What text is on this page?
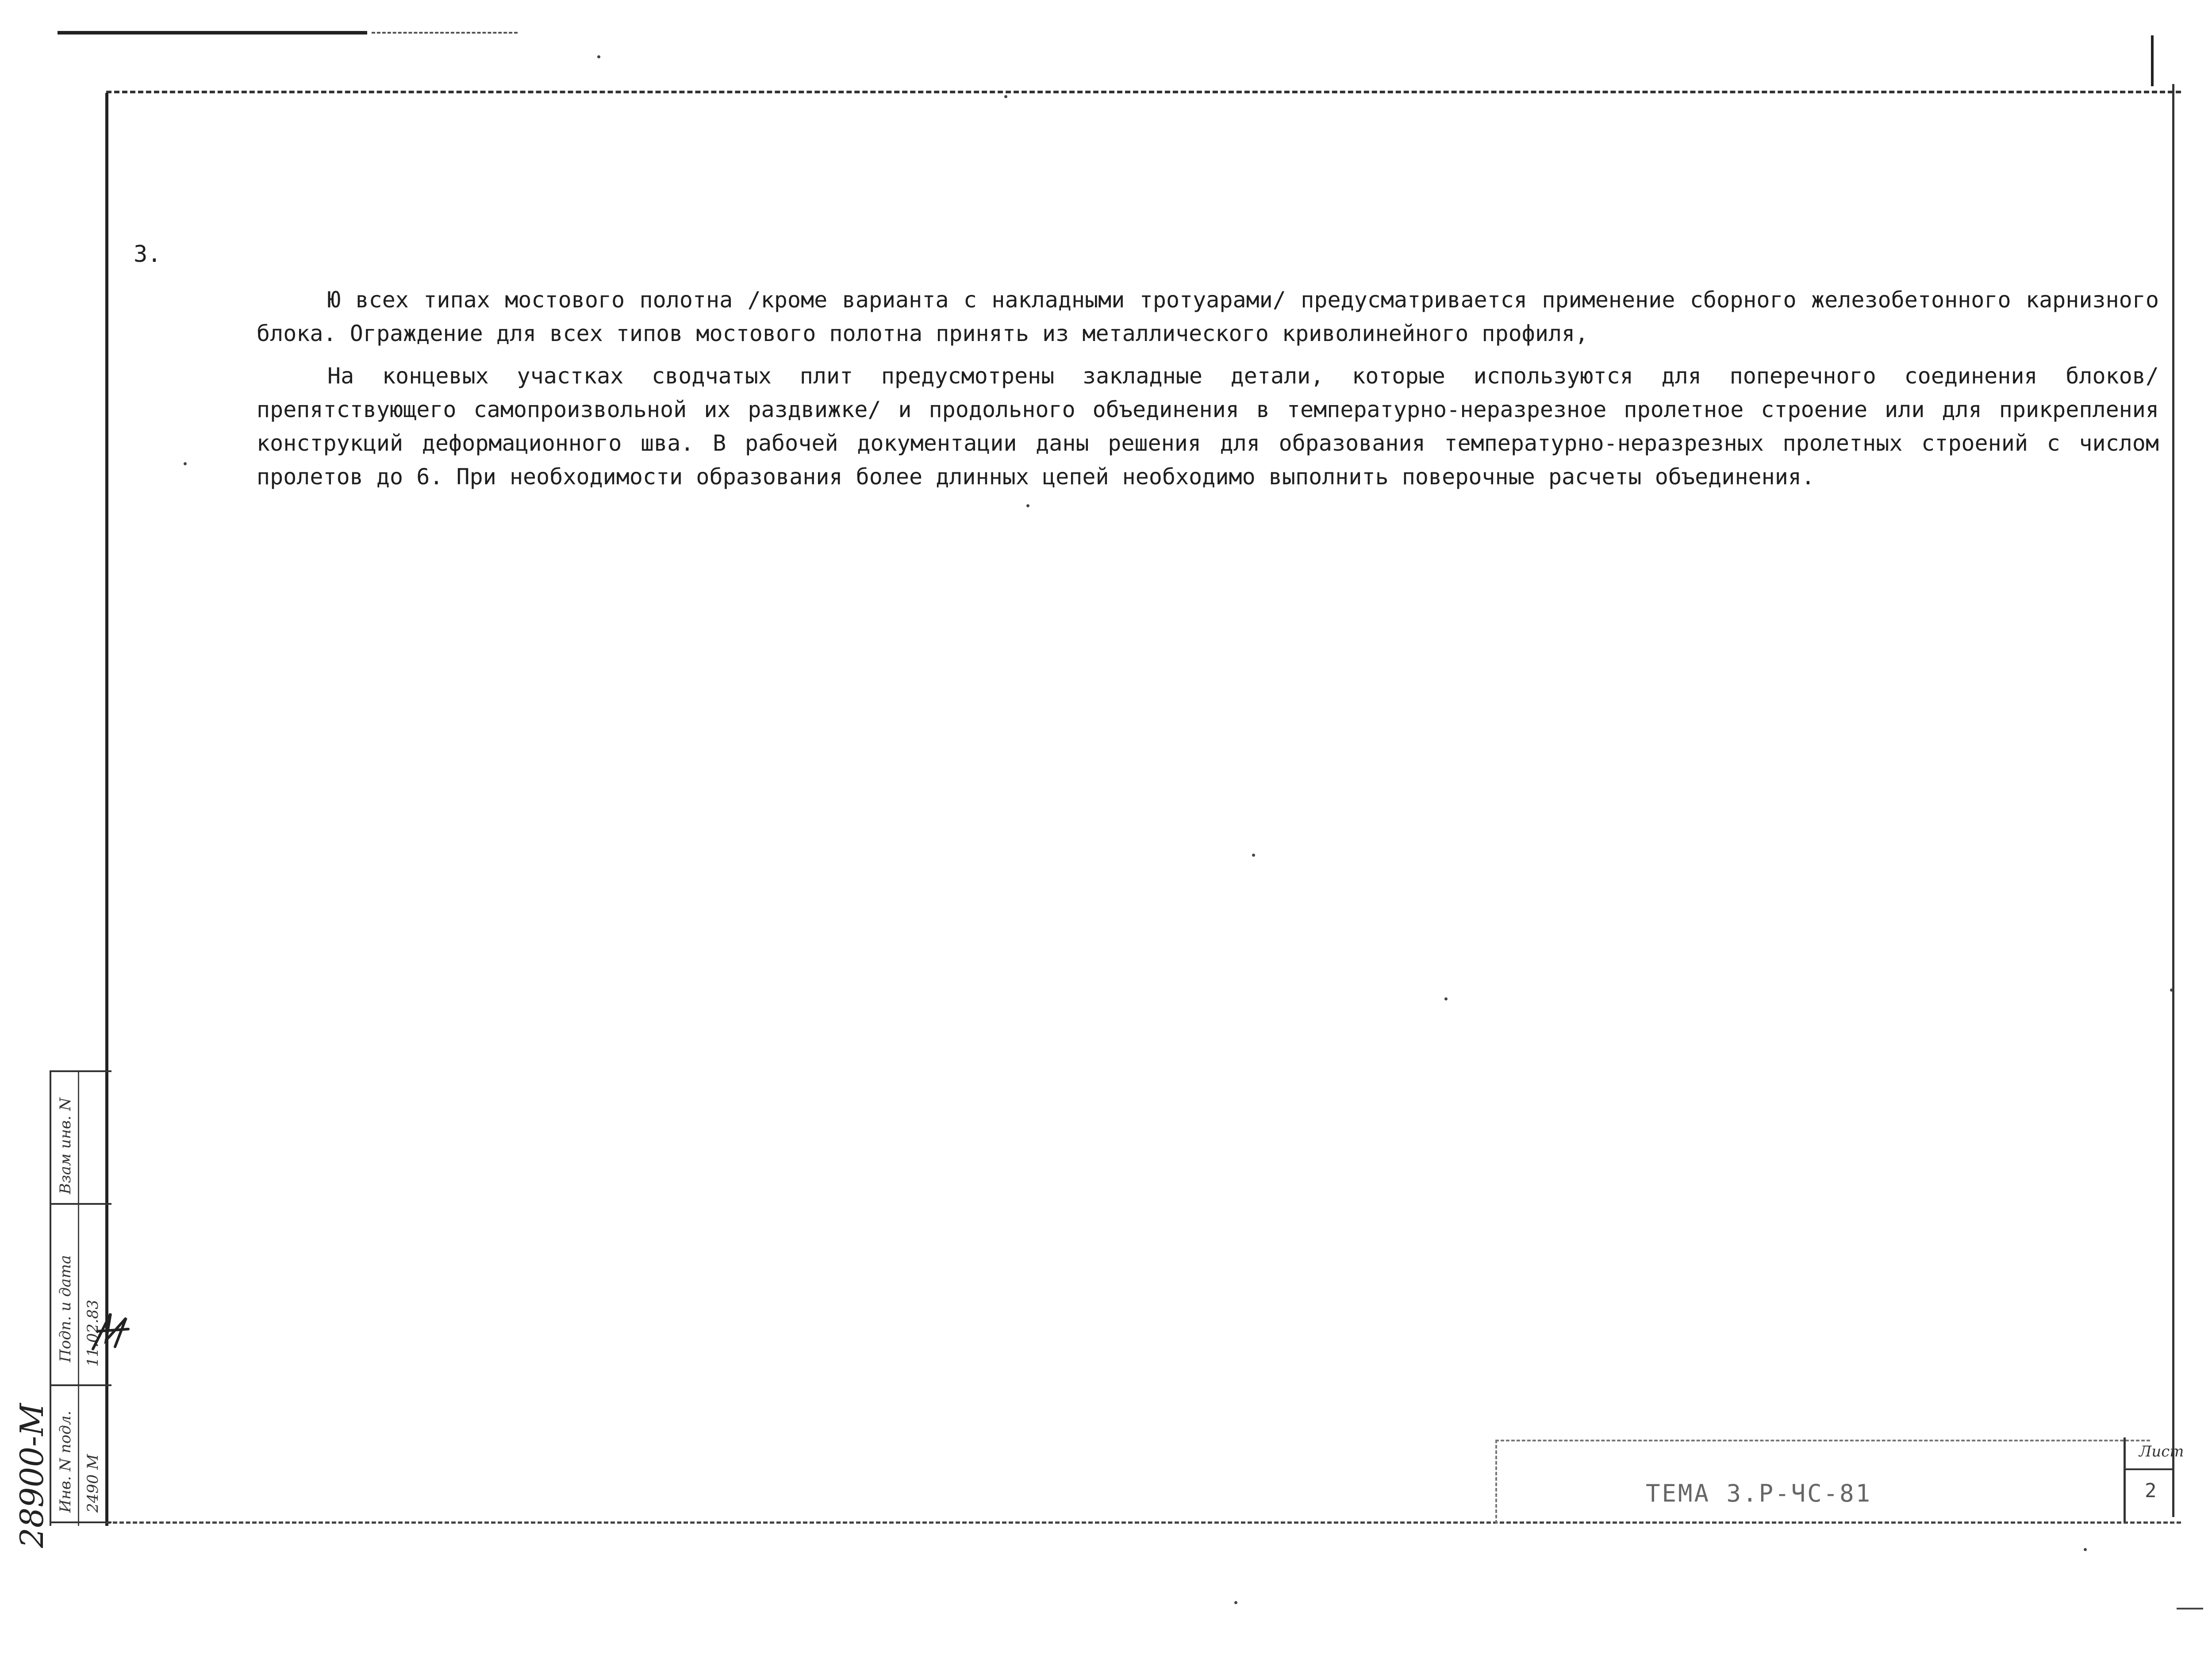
3.

Ю всех типах мостового полотна /кроме варианта с накладными тротуарами/ предусматривается применение сборного железобетонного карнизного блока. Ограждение для всех типов мостового полотна принять из металлического криволинейного профиля,

На концевых участках сводчатых плит предусмотрены закладные детали, которые используются для поперечного соединения блоков/препятствующего самопроизвольной их раздвижке/ и продольного объединения в температурно-неразрезное пролетное строение или для прикрепления конструкций деформационного шва. В рабочей документации даны решения для образования температурно-неразрезных пролетных строений с числом пролетов до 6. При необходимости образования более длинных цепей необходимо выполнить поверочные расчеты объединения.

Взам инв. N
Подп. и дата 11.02.83
Инв. N подл. 2490 М
28900-М	ТЕМА 3.Р-ЧС-81
Лист
2
